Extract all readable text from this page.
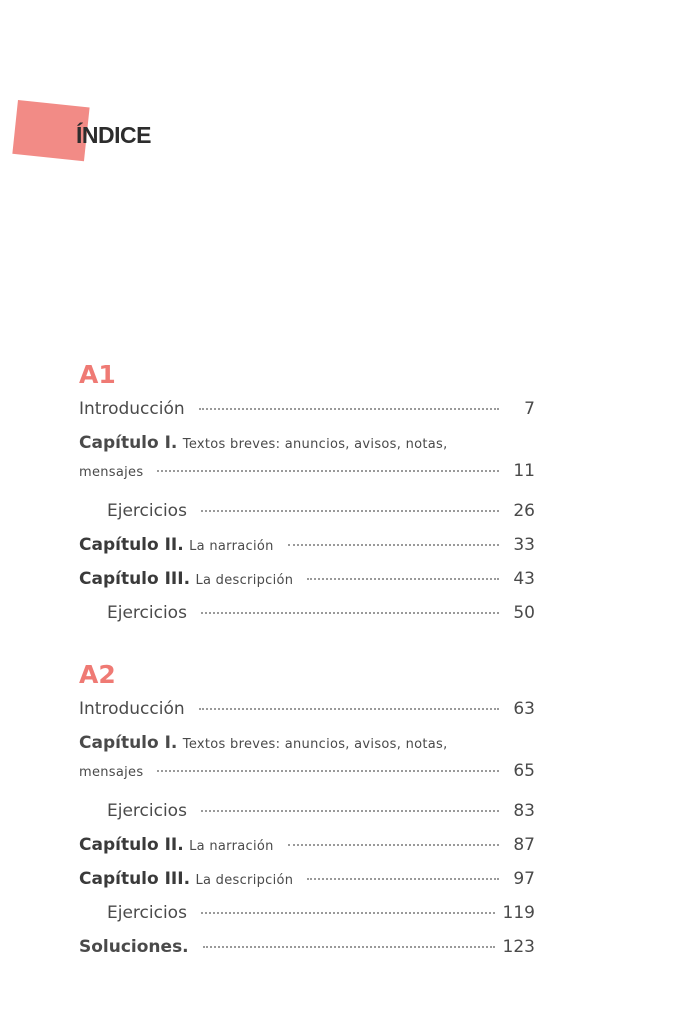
ÍNDICE
A1
Introducción	7
Capítulo I. Textos breves: anuncios, avisos, notas,
mensajes	11
Ejercicios	26
Capítulo II. La narración	33
Capítulo III. La descripción	43
Ejercicios	50
A2
Introducción	63
Capítulo I. Textos breves: anuncios, avisos, notas,
mensajes	65
Ejercicios	83
Capítulo II. La narración	87
Capítulo III. La descripción	97
Ejercicios	119
Soluciones.	123
